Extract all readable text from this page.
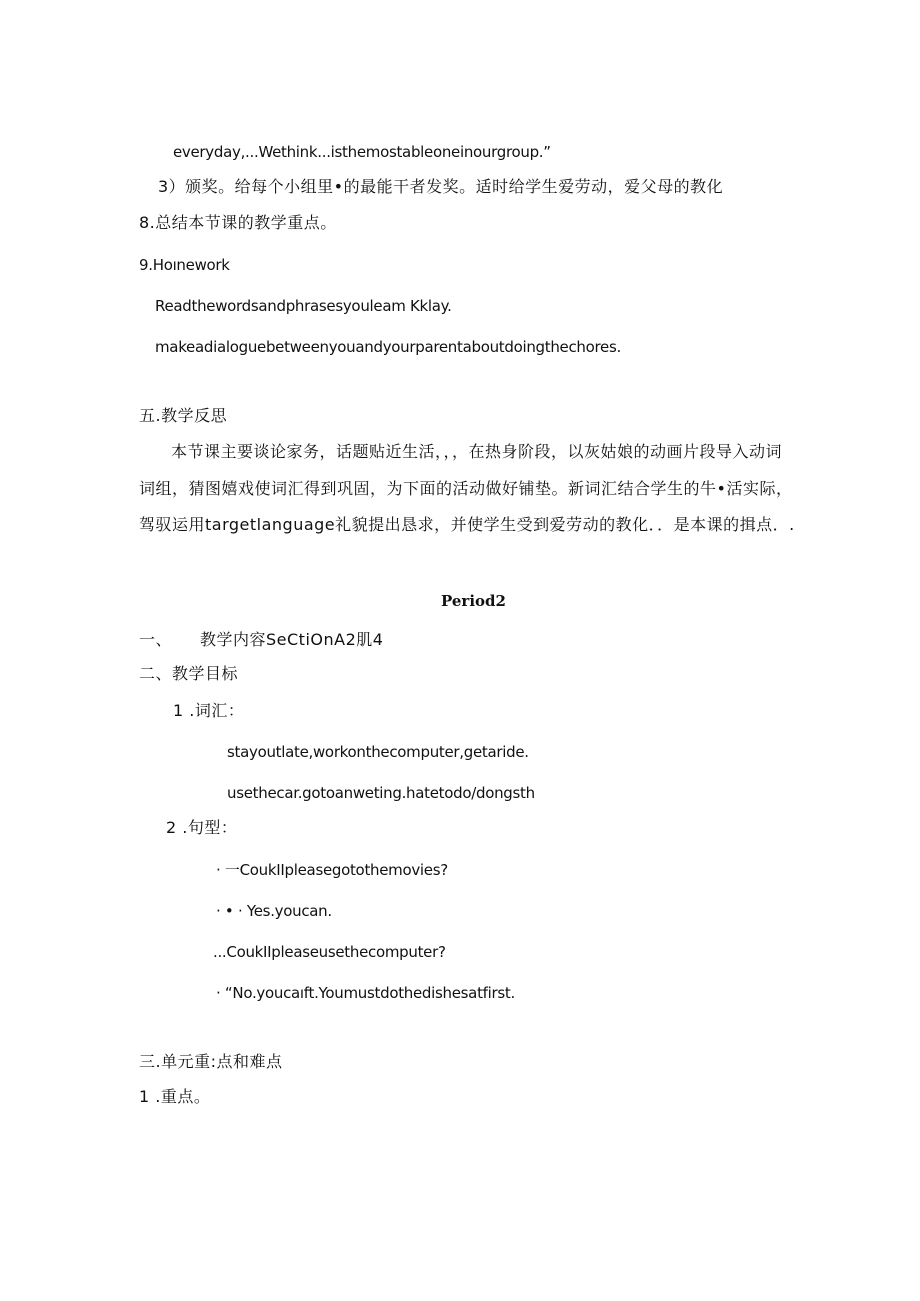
everyday,...Wethink...isthemostableoneinourgroup.”
3）颁奖。给每个小组里•的最能干者发奖。适时给学生爱劳动，爱父母的教化
8.总结本节课的教学重点。
9.Hoınework
Readthewordsandphrasesyouleam Kklay.
makeadialoguebetweenyouandyourparentaboutdoingthechores.
五.教学反思
本节课主要谈论家务，话题贴近生活，，，在热身阶段，以灰姑娘的动画片段导入动词
词组，猜图嬉戏使词汇得到巩固，为下面的活动做好铺垫。新词汇结合学生的牛•活实际，
驾驭运用targetlanguage礼貌提出恳求，并使学生受到爱劳动的教化．．是本课的揖点．.
Period2
一、 教学内容SeCtiOnA2肌4
二、教学目标
1 .词汇：
stayoutlate,workonthecomputer,getaride.
usethecar.gotoanweting.hatetodo/dongsth
2 .句型：
· 一CoukIIpleasegotothemovies?
· • · Yes.youcan.
...CoukIIpleaseusethecomputer?
· “No.youcaıft.Youmustdothedishesatfirst.
三.单元重:点和难点
1 .重点。
